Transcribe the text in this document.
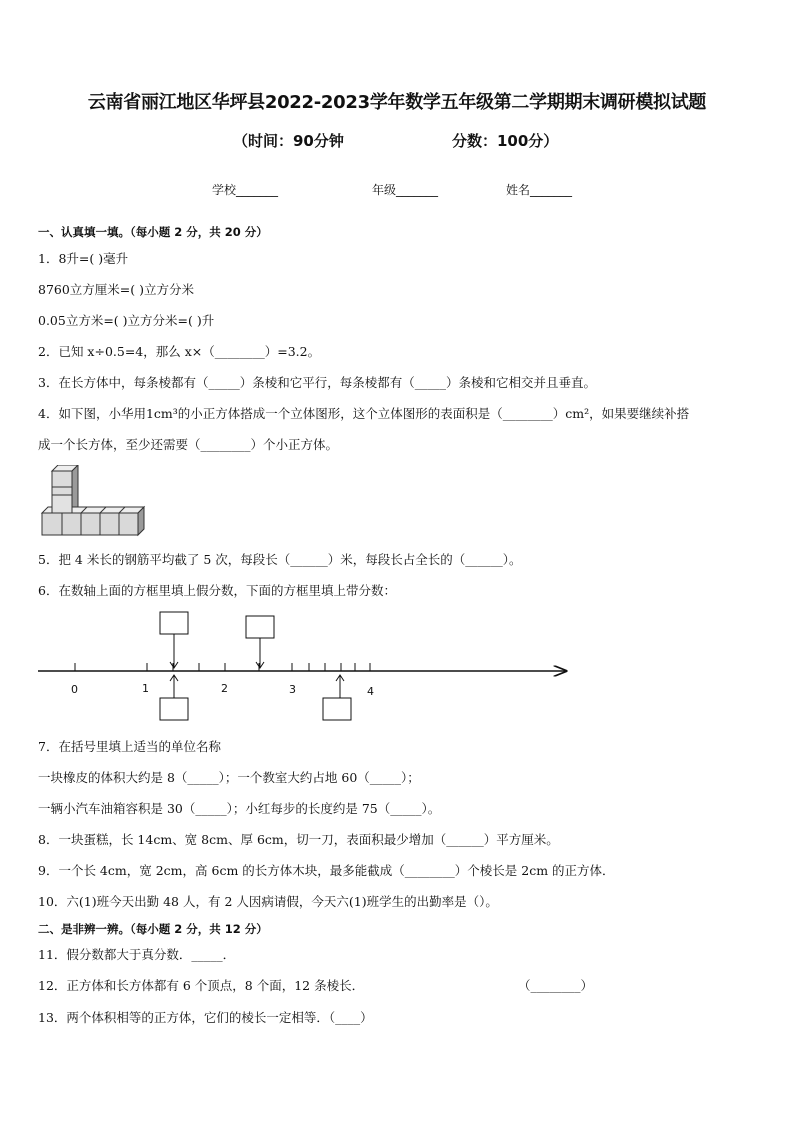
云南省丽江地区华坪县2022-2023学年数学五年级第二学期期末调研模拟试题
（时间：90分钟	分数：100分）
学校_______	年级_______	姓名_______
一、认真填一填。（每小题 2 分，共 20 分）
1．8升=( )毫升
8760立方厘米=( )立方分米
0.05立方米=( )立方分米=( )升
2．已知 x÷0.5=4，那么 x×（________）=3.2。
3．在长方体中，每条棱都有（_____）条棱和它平行，每条棱都有（_____）条棱和它相交并且垂直。
4．如下图，小华用1cm³的小正方体搭成一个立体图形，这个立体图形的表面积是（________）cm²，如果要继续补搭
成一个长方体，至少还需要（________）个小正方体。
5．把 4 米长的钢筋平均截了 5 次，每段长（______）米，每段长占全长的（______）。
6．在数轴上面的方框里填上假分数，下面的方框里填上带分数：
0	1	2	3	4
7．在括号里填上适当的单位名称
一块橡皮的体积大约是 8（_____）；一个教室大约占地 60（_____）；
一辆小汽车油箱容积是 30（_____）；小红每步的长度约是 75（_____）。
8．一块蛋糕，长 14cm、宽 8cm、厚 6cm，切一刀，表面积最少增加（______）平方厘米。
9．一个长 4cm，宽 2cm，高 6cm 的长方体木块，最多能截成（________）个棱长是 2cm 的正方体．
10．六(1)班今天出勤 48 人，有 2 人因病请假，今天六(1)班学生的出勤率是（）。
二、是非辨一辨。（每小题 2 分，共 12 分）
11．假分数都大于真分数．_____．
12．正方体和长方体都有 6 个顶点，8 个面，12 条棱长．	（________）
13．两个体积相等的正方体，它们的棱长一定相等．（____）
